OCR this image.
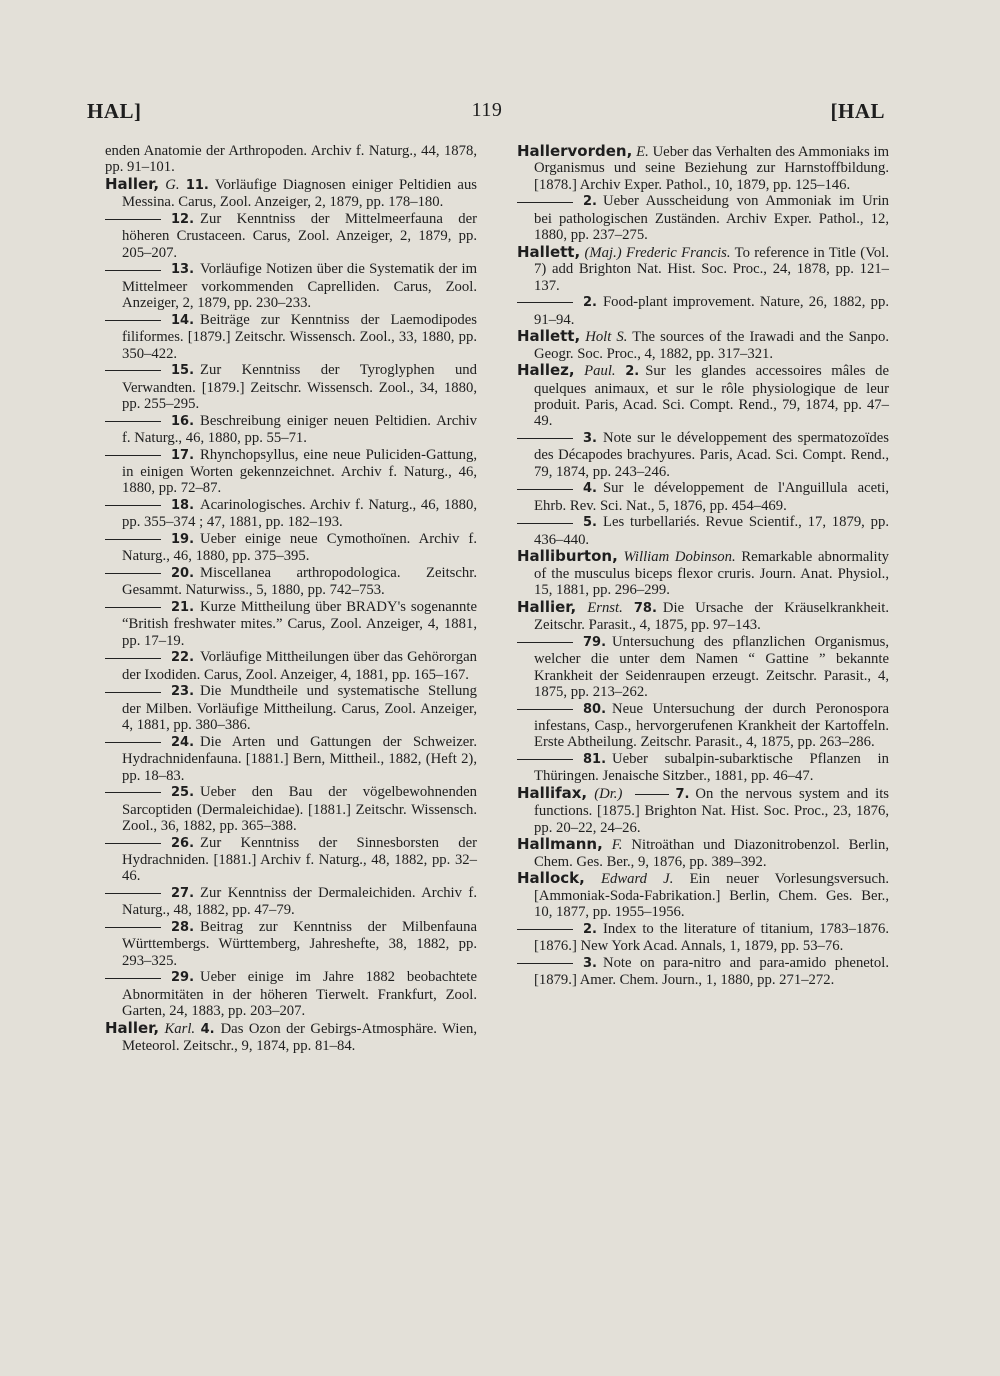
HAL]	119	[HAL

enden Anatomie der Arthropoden. Archiv f. Naturg., 44, 1878, pp. 91–101.

Haller, G. 11. Vorläufige Diagnosen einiger Peltidien aus Messina. Carus, Zool. Anzeiger, 2, 1879, pp. 178–180.

12. Zur Kenntniss der Mittelmeerfauna der höheren Crustaceen. Carus, Zool. Anzeiger, 2, 1879, pp. 205–207.

13. Vorläufige Notizen über die Systematik der im Mittelmeer vorkommenden Caprelliden. Carus, Zool. Anzeiger, 2, 1879, pp. 230–233.

14. Beiträge zur Kenntniss der Laemodipodes filiformes. [1879.] Zeitschr. Wissensch. Zool., 33, 1880, pp. 350–422.

15. Zur Kenntniss der Tyroglyphen und Verwandten. [1879.] Zeitschr. Wissensch. Zool., 34, 1880, pp. 255–295.

16. Beschreibung einiger neuen Peltidien. Archiv f. Naturg., 46, 1880, pp. 55–71.

17. Rhynchopsyllus, eine neue Puliciden-Gattung, in einigen Worten gekennzeichnet. Archiv f. Naturg., 46, 1880, pp. 72–87.

18. Acarinologisches. Archiv f. Naturg., 46, 1880, pp. 355–374 ; 47, 1881, pp. 182–193.

19. Ueber einige neue Cymothoïnen. Archiv f. Naturg., 46, 1880, pp. 375–395.

20. Miscellanea arthropodologica. Zeitschr. Gesammt. Naturwiss., 5, 1880, pp. 742–753.

21. Kurze Mittheilung über BRADY's sogenannte “British freshwater mites.” Carus, Zool. Anzeiger, 4, 1881, pp. 17–19.

22. Vorläufige Mittheilungen über das Gehörorgan der Ixodiden. Carus, Zool. Anzeiger, 4, 1881, pp. 165–167.

23. Die Mundtheile und systematische Stellung der Milben. Vorläufige Mittheilung. Carus, Zool. Anzeiger, 4, 1881, pp. 380–386.

24. Die Arten und Gattungen der Schweizer. Hydrachnidenfauna. [1881.] Bern, Mittheil., 1882, (Heft 2), pp. 18–83.

25. Ueber den Bau der vögelbewohnenden Sarcoptiden (Dermaleichidae). [1881.] Zeitschr. Wissensch. Zool., 36, 1882, pp. 365–388.

26. Zur Kenntniss der Sinnesborsten der Hydrachniden. [1881.] Archiv f. Naturg., 48, 1882, pp. 32–46.

27. Zur Kenntniss der Dermaleichiden. Archiv f. Naturg., 48, 1882, pp. 47–79.

28. Beitrag zur Kenntniss der Milbenfauna Württembergs. Württemberg, Jahreshefte, 38, 1882, pp. 293–325.

29. Ueber einige im Jahre 1882 beobachtete Abnormitäten in der höheren Tierwelt. Frankfurt, Zool. Garten, 24, 1883, pp. 203–207.

Haller, Karl. 4. Das Ozon der Gebirgs-Atmosphäre. Wien, Meteorol. Zeitschr., 9, 1874, pp. 81–84.

Hallervorden, E. Ueber das Verhalten des Ammoniaks im Organismus und seine Beziehung zur Harnstoffbildung. [1878.] Archiv Exper. Pathol., 10, 1879, pp. 125–146.

2. Ueber Ausscheidung von Ammoniak im Urin bei pathologischen Zuständen. Archiv Exper. Pathol., 12, 1880, pp. 237–275.

Hallett, (Maj.) Frederic Francis. To reference in Title (Vol. 7) add Brighton Nat. Hist. Soc. Proc., 24, 1878, pp. 121–137.

2. Food-plant improvement. Nature, 26, 1882, pp. 91–94.

Hallett, Holt S. The sources of the Irawadi and the Sanpo. Geogr. Soc. Proc., 4, 1882, pp. 317–321.

Hallez, Paul. 2. Sur les glandes accessoires mâles de quelques animaux, et sur le rôle physiologique de leur produit. Paris, Acad. Sci. Compt. Rend., 79, 1874, pp. 47–49.

3. Note sur le développement des spermatozoïdes des Décapodes brachyures. Paris, Acad. Sci. Compt. Rend., 79, 1874, pp. 243–246.

4. Sur le développement de l'Anguillula aceti, Ehrb. Rev. Sci. Nat., 5, 1876, pp. 454–469.

5. Les turbellariés. Revue Scientif., 17, 1879, pp. 436–440.

Halliburton, William Dobinson. Remarkable abnormality of the musculus biceps flexor cruris. Journ. Anat. Physiol., 15, 1881, pp. 296–299.

Hallier, Ernst. 78. Die Ursache der Kräuselkrankheit. Zeitschr. Parasit., 4, 1875, pp. 97–143.

79. Untersuchung des pflanzlichen Organismus, welcher die unter dem Namen “ Gattine ” bekannte Krankheit der Seidenraupen erzeugt. Zeitschr. Parasit., 4, 1875, pp. 213–262.

80. Neue Untersuchung der durch Peronospora infestans, Casp., hervorgerufenen Krankheit der Kartoffeln. Erste Abtheilung. Zeitschr. Parasit., 4, 1875, pp. 263–286.

81. Ueber subalpin-subarktische Pflanzen in Thüringen. Jenaische Sitzber., 1881, pp. 46–47.

Hallifax, (Dr.)	7. On the nervous system and its functions. [1875.] Brighton Nat. Hist. Soc. Proc., 23, 1876, pp. 20–22, 24–26.

Hallmann, F. Nitroäthan und Diazonitrobenzol. Berlin, Chem. Ges. Ber., 9, 1876, pp. 389–392.

Hallock, Edward J. Ein neuer Vorlesungsversuch. [Ammoniak-Soda-Fabrikation.] Berlin, Chem. Ges. Ber., 10, 1877, pp. 1955–1956.

2. Index to the literature of titanium, 1783–1876. [1876.] New York Acad. Annals, 1, 1879, pp. 53–76.

3. Note on para-nitro and para-amido phenetol. [1879.] Amer. Chem. Journ., 1, 1880, pp. 271–272.
